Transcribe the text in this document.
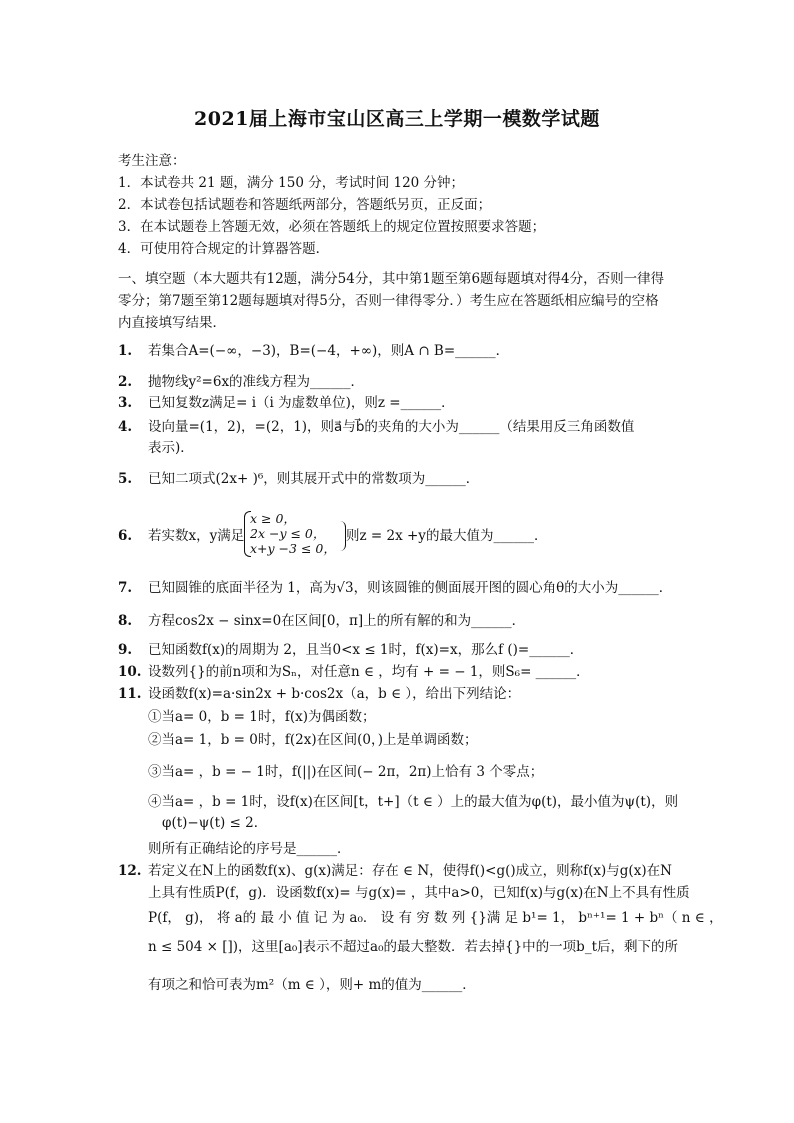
2021届上海市宝山区高三上学期一模数学试题
考生注意：
1．本试卷共 21 题，满分 150 分，考试时间 120 分钟；
2．本试卷包括试题卷和答题纸两部分，答题纸另页，正反面；
3．在本试题卷上答题无效，必须在答题纸上的规定位置按照要求答题；
4．可使用符合规定的计算器答题．
一、填空题（本大题共有12题，满分54分，其中第1题至第6题每题填对得4分，否则一律得
零分；第7题至第12题每题填对得5分，否则一律得零分．）考生应在答题纸相应编号的空格
内直接填写结果．
1. 若集合A=(−∞，−3)，B=(−4，+∞)，则A ∩ B=______．
2. 抛物线y²=6x的准线方程为______．
3. 已知复数z满足= i（i 为虚数单位)，则z =______．
4. 设向量=(1，2)，=(2，1)，则a⃗与b⃗的夹角的大小为______（结果用反三角函数值
表示)．
5. 已知二项式(2x+ )⁶，则其展开式中的常数项为______．
6. 若实数x，y满足
x ≥ 0，
2x −y ≤ 0，
x+y −3 ≤ 0，
则z = 2x +y的最大值为______．
7. 已知圆锥的底面半径为 1，高为√3，则该圆锥的侧面展开图的圆心角θ的大小为______．
8. 方程cos2x − sinx=0在区间[0，π]上的所有解的和为______．
9. 已知函数f(x)的周期为 2，且当0<x ≤ 1时，f(x)=x，那么f ()=______．
10. 设数列{}的前n项和为Sₙ，对任意n ∈ ，均有 + = − 1，则S₆= ______．
11. 设函数f(x)=a·sin2x + b·cos2x（a，b ∈ ），给出下列结论：
①当a= 0，b = 1时，f(x)为偶函数；
②当a= 1，b = 0时，f(2x)在区间(0，)上是单调函数；
③当a= ，b = − 1时，f(||)在区间(− 2π，2π)上恰有 3 个零点；
④当a= ，b = 1时，设f(x)在区间[t，t+]（t ∈ ）上的最大值为φ(t)，最小值为ψ(t)，则
φ(t)−ψ(t) ≤ 2．
则所有正确结论的序号是______．
12. 若定义在N上的函数f(x)、g(x)满足：存在 ∈ N，使得f()<g()成立，则称f(x)与g(x)在N
上具有性质P(f，g)．设函数f(x)= 与g(x)= ，其中a>0，已知f(x)与g(x)在N上不具有性质
P(f， g)， 将 a的 最 小 值 记 为 a₀． 设 有 穷 数 列 {}满 足 b¹= 1， bⁿ⁺¹= 1 + bⁿ（ n ∈ ，
n ≤ 504 × [])，这里[a₀]表示不超过a₀的最大整数．若去掉{}中的一项b_t后，剩下的所
有项之和恰可表为m²（m ∈ ），则+ m的值为______．
